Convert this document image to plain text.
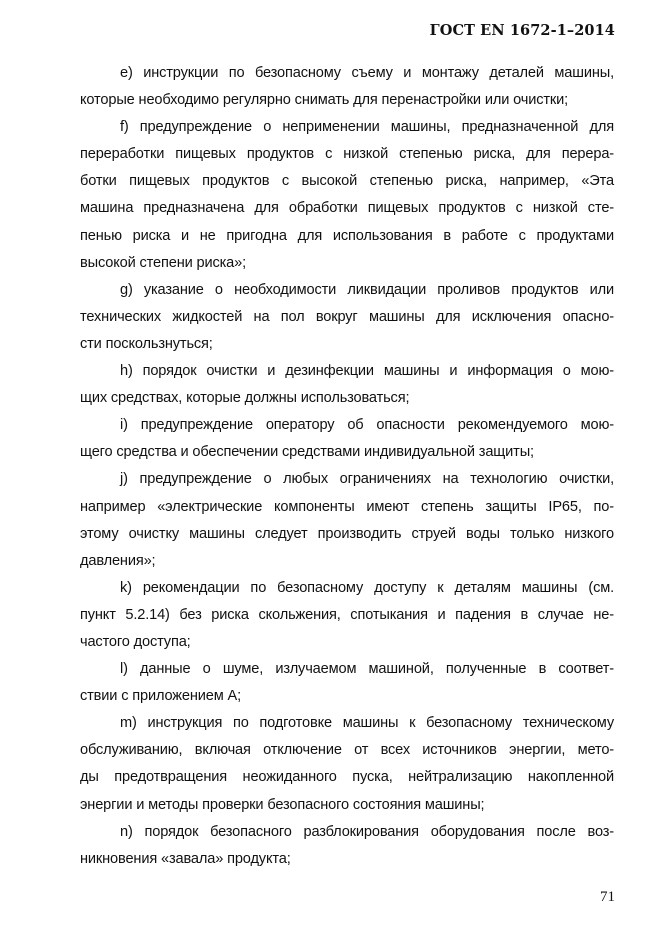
ГОСТ EN 1672-1–2014
e) инструкции по безопасному съему и монтажу деталей машины,
которые необходимо регулярно снимать для перенастройки или очистки;
f) предупреждение о неприменении машины, предназначенной для
переработки пищевых продуктов с низкой степенью риска, для перера-
ботки пищевых продуктов с высокой степенью риска, например, «Эта
машина предназначена для обработки пищевых продуктов с низкой сте-
пенью риска и не пригодна для использования в работе с продуктами
высокой степени риска»;
g) указание о необходимости ликвидации проливов продуктов или
технических жидкостей на пол вокруг машины для исключения опасно-
сти поскользнуться;
h) порядок очистки и дезинфекции машины и информация о мою-
щих средствах, которые должны использоваться;
i) предупреждение оператору об опасности рекомендуемого мою-
щего средства и обеспечении средствами индивидуальной защиты;
j) предупреждение о любых ограничениях на технологию очистки,
например «электрические компоненты имеют степень защиты IP65, по-
этому очистку машины следует производить струей воды только низкого
давления»;
k) рекомендации по безопасному доступу к деталям машины (см.
пункт 5.2.14) без риска скольжения, спотыкания и падения в случае не-
частого доступа;
l) данные о шуме, излучаемом машиной, полученные в соответ-
ствии с приложением А;
m) инструкция по подготовке машины к безопасному техническому
обслуживанию, включая отключение от всех источников энергии, мето-
ды предотвращения неожиданного пуска, нейтрализацию накопленной
энергии и методы проверки безопасного состояния машины;
n) порядок безопасного разблокирования оборудования после воз-
никновения «завала» продукта;
71
